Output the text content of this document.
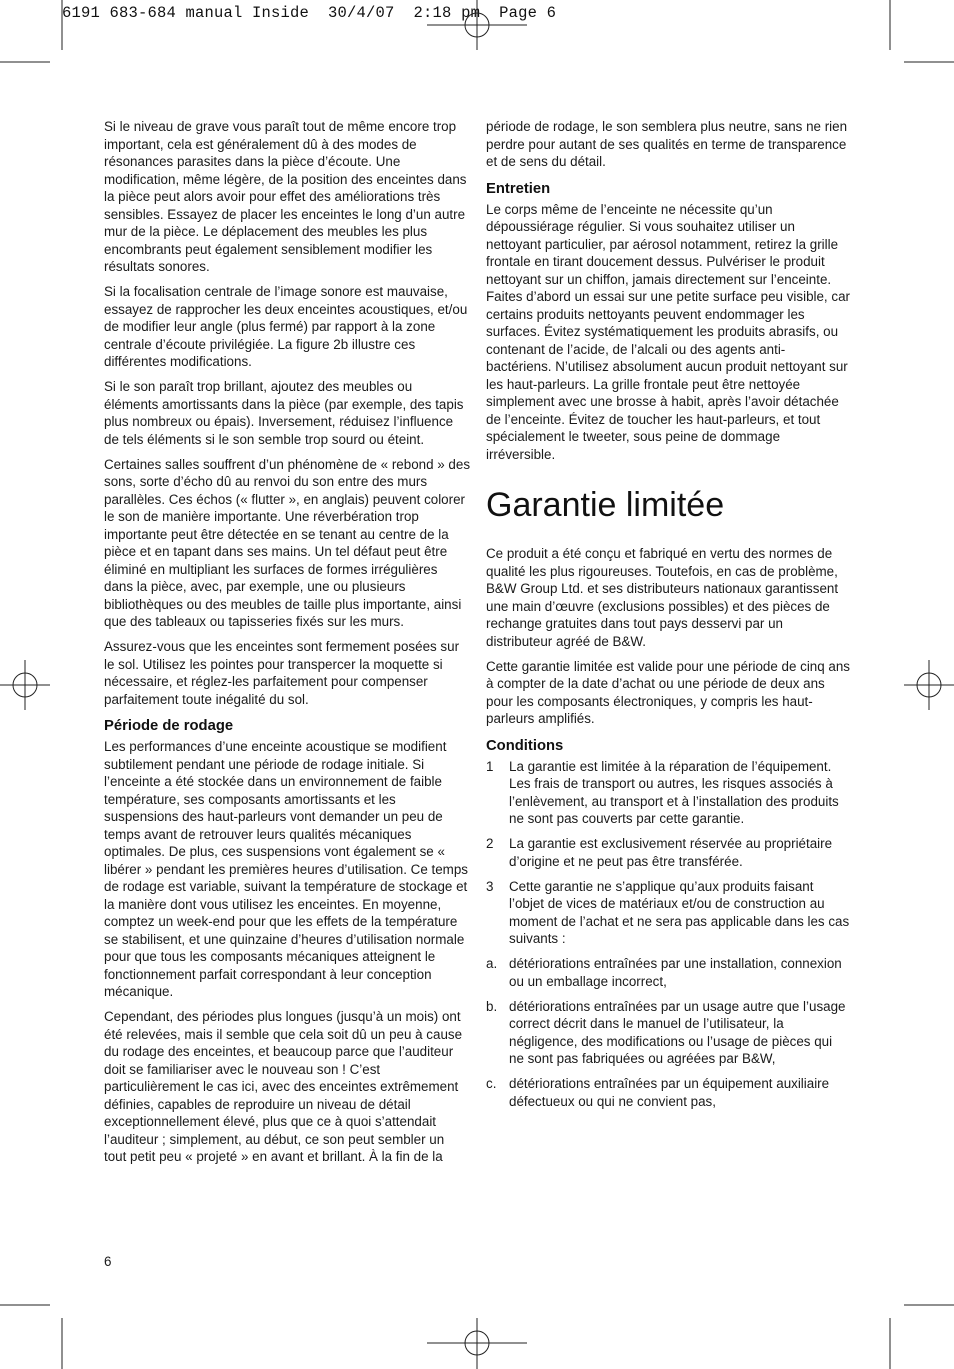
6191 683-684 manual Inside  30/4/07  2:18 pm  Page 6

Si le niveau de grave vous paraît tout de même encore trop important, cela est généralement dû à des modes de résonances parasites dans la pièce d’écoute. Une modification, même légère, de la position des enceintes dans la pièce peut alors avoir pour effet des améliorations très sensibles. Essayez de placer les enceintes le long d’un autre mur de la pièce. Le déplacement des meubles les plus encombrants peut également sensiblement modifier les résultats sonores.

Si la focalisation centrale de l’image sonore est mauvaise, essayez de rapprocher les deux enceintes acoustiques, et/ou de modifier leur angle (plus fermé) par rapport à la zone centrale d’écoute privilégiée. La figure 2b illustre ces différentes modifications.

Si le son paraît trop brillant, ajoutez des meubles ou éléments amortissants dans la pièce (par exemple, des tapis plus nombreux ou épais). Inversement, réduisez l’influence de tels éléments si le son semble trop sourd ou éteint.

Certaines salles souffrent d’un phénomène de « rebond » des sons, sorte d’écho dû au renvoi du son entre des murs parallèles. Ces échos (« flutter », en anglais) peuvent colorer le son de manière importante. Une réverbération trop importante peut être détectée en se tenant au centre de la pièce et en tapant dans ses mains. Un tel défaut peut être éliminé en multipliant les surfaces de formes irrégulières dans la pièce, avec, par exemple, une ou plusieurs bibliothèques ou des meubles de taille plus importante, ainsi que des tableaux ou tapisseries fixés sur les murs.

Assurez-vous que les enceintes sont fermement posées sur le sol. Utilisez les pointes pour transpercer la moquette si nécessaire, et réglez-les parfaitement pour compenser parfaitement toute inégalité du sol.

Période de rodage

Les performances d’une enceinte acoustique se modifient subtilement pendant une période de rodage initiale. Si l’enceinte a été stockée dans un environnement de faible température, ses composants amortissants et les suspensions des haut-parleurs vont demander un peu de temps avant de retrouver leurs qualités mécaniques optimales. De plus, ces suspensions vont également se « libérer » pendant les premières heures d’utilisation. Ce temps de rodage est variable, suivant la température de stockage et la manière dont vous utilisez les enceintes. En moyenne, comptez un week-end pour que les effets de la température se stabilisent, et une quinzaine d’heures d’utilisation normale pour que tous les composants mécaniques atteignent le fonctionnement parfait correspondant à leur conception mécanique.

Cependant, des périodes plus longues (jusqu’à un mois) ont été relevées, mais il semble que cela soit dû un peu à cause du rodage des enceintes, et beaucoup parce que l’auditeur doit se familiariser avec le nouveau son ! C’est particulièrement le cas ici, avec des enceintes extrêmement définies, capables de reproduire un niveau de détail exceptionnellement élevé, plus que ce à quoi s’attendait l’auditeur ; simplement, au début, ce son peut sembler un tout petit peu « projeté » en avant et brillant. À la fin de la

période de rodage, le son semblera plus neutre, sans ne rien perdre pour autant de ses qualités en terme de transparence et de sens du détail.

Entretien

Le corps même de l’enceinte ne nécessite qu’un dépoussiérage régulier. Si vous souhaitez utiliser un nettoyant particulier, par aérosol notamment, retirez la grille frontale en tirant doucement dessus. Pulvériser le produit nettoyant sur un chiffon, jamais directement sur l’enceinte. Faites d’abord un essai sur une petite surface peu visible, car certains produits nettoyants peuvent endommager les surfaces. Évitez systématiquement les produits abrasifs, ou contenant de l’acide, de l’alcali ou des agents anti-bactériens. N’utilisez absolument aucun produit nettoyant sur les haut-parleurs. La grille frontale peut être nettoyée simplement avec une brosse à habit, après l’avoir détachée de l’enceinte. Évitez de toucher les haut-parleurs, et tout spécialement le tweeter, sous peine de dommage irréversible.

Garantie limitée

Ce produit a été conçu et fabriqué en vertu des normes de qualité les plus rigoureuses. Toutefois, en cas de problème, B&W Group Ltd. et ses distributeurs nationaux garantissent une main d’œuvre (exclusions possibles) et des pièces de rechange gratuites dans tout pays desservi par un distributeur agréé de B&W.

Cette garantie limitée est valide pour une période de cinq ans à compter de la date d’achat ou une période de deux ans pour les composants électroniques, y compris les haut-parleurs amplifiés.

Conditions
1	La garantie est limitée à la réparation de l’équipement. Les frais de transport ou autres, les risques associés à l’enlèvement, au transport et à l’installation des produits ne sont pas couverts par cette garantie.
2	La garantie est exclusivement réservée au propriétaire d’origine et ne peut pas être transférée.
3	Cette garantie ne s’applique qu’aux produits faisant l’objet de vices de matériaux et/ou de construction au moment de l’achat et ne sera pas applicable dans les cas suivants :
a. détériorations entraînées par une installation, connexion ou un emballage incorrect,
b. détériorations entraînées par un usage autre que l’usage correct décrit dans le manuel de l’utilisateur, la négligence, des modifications ou l’usage de pièces qui ne sont pas fabriquées ou agréées par B&W,
c. détériorations entraînées par un équipement auxiliaire défectueux ou qui ne convient pas,
6
